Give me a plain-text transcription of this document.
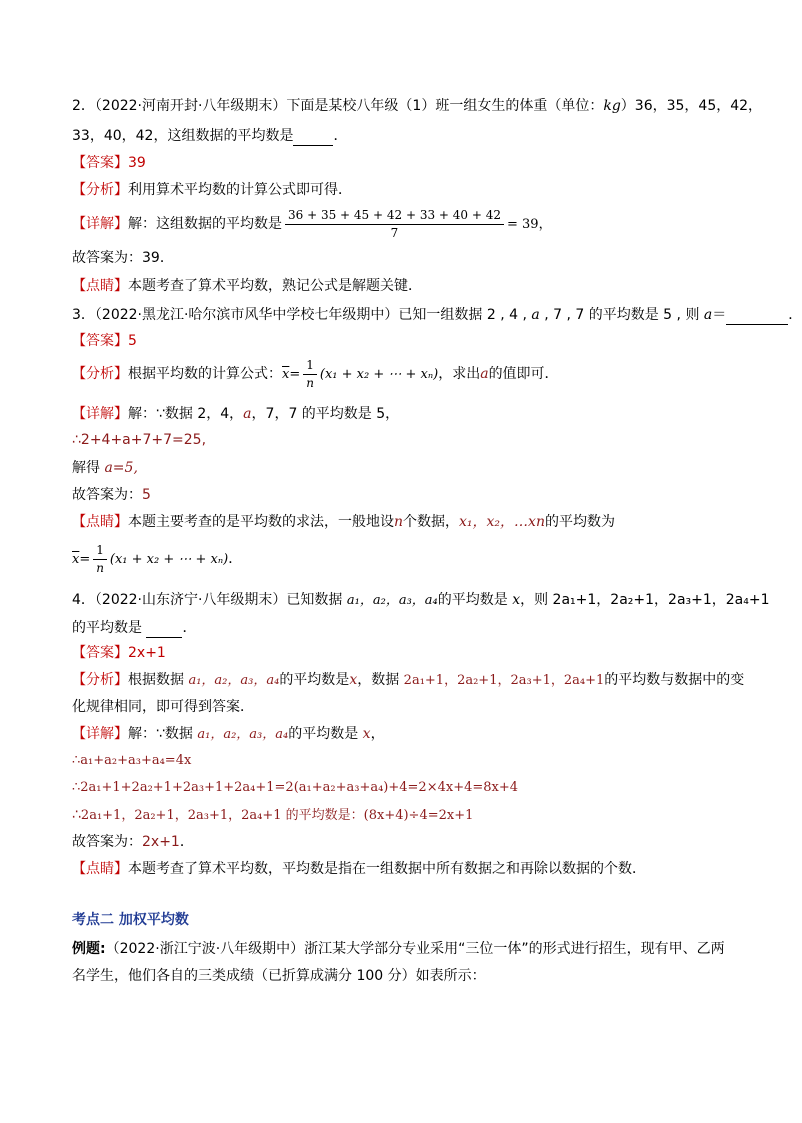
2．（2022·河南开封·八年级期末）下面是某校八年级（1）班一组女生的体重（单位：kg）36，35，45，42，
33，40，42，这组数据的平均数是	．
【答案】39
【分析】利用算术平均数的计算公式即可得．
【详解】解：这组数据的平均数是 $\frac{36 + 35 + 45 + 42 + 33 + 40 + 42}{7} = 39$，
故答案为：39．
【点睛】本题考查了算术平均数，熟记公式是解题关键．
3．（2022·黑龙江·哈尔滨市风华中学校七年级期中）已知一组数据 2 , 4 , a , 7 , 7 的平均数是 5 , 则 a＝	．
【答案】5
【分析】根据平均数的计算公式：$\overline{x}= \frac{1}{n} (x_1 + x_2$ + ⋯ + xₙ)，求出a的值即可．
【详解】解：∵数据 2，4，a，7，7 的平均数是 5，
∴2+4+a+7+7=25,
解得 a=5,
故答案为：5
【点睛】本题主要考查的是平均数的求法，一般地设n个数据，x₁，x₂，…xn的平均数为
$\overline{x}= \frac{1}{n} (x_1 + x_2$ + ⋯ + xₙ)．
4．（2022·山东济宁·八年级期末）已知数据 a₁，a₂，a₃，a₄的平均数是 x，则 2a₁+1，2a₂+1，2a₃+1，2a₄+1
的平均数是	．
【答案】2x+1
【分析】根据数据 a₁，a₂，a₃，a₄的平均数是x，数据 2a₁+1，2a₂+1，2a₃+1，2a₄+1的平均数与数据中的变
化规律相同，即可得到答案．
【详解】解：∵数据 a₁，a₂，a₃，a₄的平均数是 x，
∴a₁+a₂+a₃+a₄=4x
∴2a₁+1+2a₂+1+2a₃+1+2a₄+1=2(a₁+a₂+a₃+a₄)+4=2×4x+4=8x+4
∴2a₁+1，2a₂+1，2a₃+1，2a₄+1 的平均数是：(8x+4)÷4=2x+1
故答案为：2x+1．
【点睛】本题考查了算术平均数，平均数是指在一组数据中所有数据之和再除以数据的个数．
考点二 加权平均数
例题:（2022·浙江宁波·八年级期中）浙江某大学部分专业采用“三位一体”的形式进行招生，现有甲、乙两
名学生，他们各自的三类成绩（已折算成满分 100 分）如表所示：
